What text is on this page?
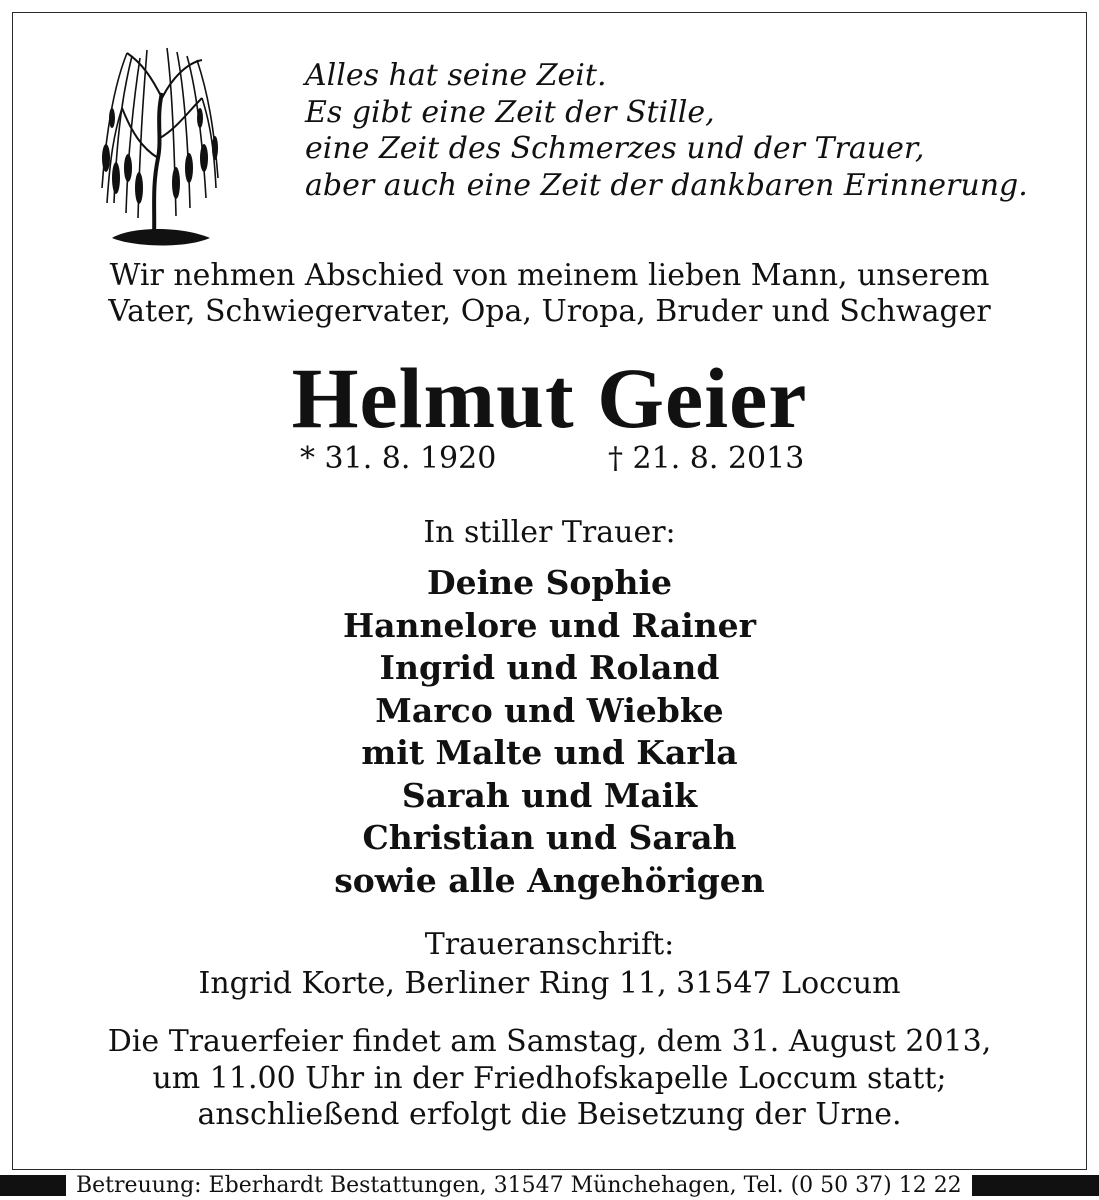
Alles hat seine Zeit.
Es gibt eine Zeit der Stille,
eine Zeit des Schmerzes und der Trauer,
aber auch eine Zeit der dankbaren Erinnerung.
Wir nehmen Abschied von meinem lieben Mann, unserem
Vater, Schwiegervater, Opa, Uropa, Bruder und Schwager
Helmut Geier
* 31. 8. 1920	† 21. 8. 2013
In stiller Trauer:
Deine Sophie
Hannelore und Rainer
Ingrid und Roland
Marco und Wiebke
mit Malte und Karla
Sarah und Maik
Christian und Sarah
sowie alle Angehörigen
Traueranschrift:
Ingrid Korte, Berliner Ring 11, 31547 Loccum
Die Trauerfeier findet am Samstag, dem 31. August 2013,
um 11.00 Uhr in der Friedhofskapelle Loccum statt;
anschließend erfolgt die Beisetzung der Urne.
Betreuung: Eberhardt Bestattungen, 31547 Münchehagen, Tel. (0 50 37) 12 22
